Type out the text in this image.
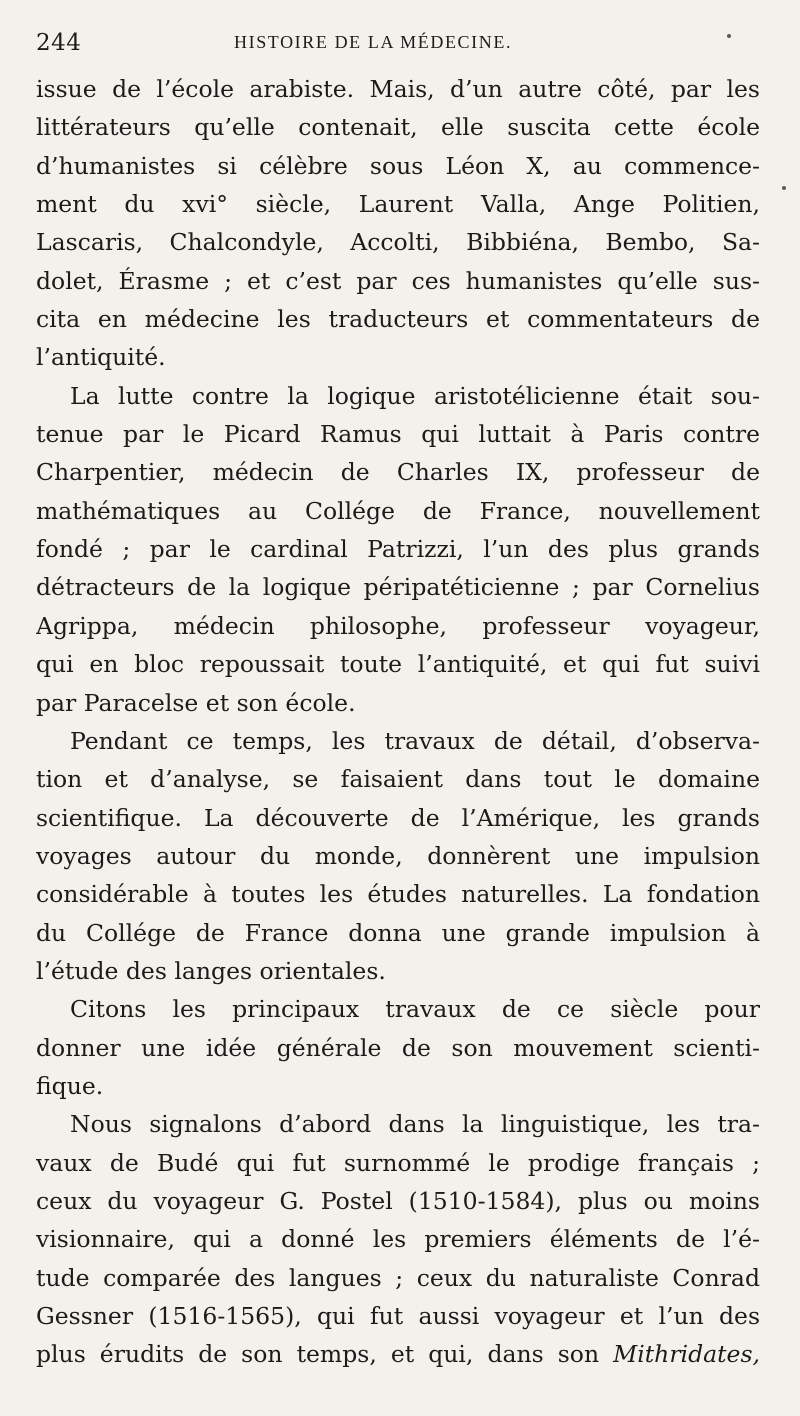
244	HISTOIRE DE LA MÉDECINE.
issue de l’école arabiste. Mais, d’un autre côté, par les
littérateurs qu’elle contenait, elle suscita cette école
d’humanistes si célèbre sous Léon X, au commence-
ment du xvi° siècle, Laurent Valla, Ange Politien,
Lascaris, Chalcondyle, Accolti, Bibbiéna, Bembo, Sa-
dolet, Érasme ; et c’est par ces humanistes qu’elle sus-
cita en médecine les traducteurs et commentateurs de
l’antiquité.
La lutte contre la logique aristotélicienne était sou-
tenue par le Picard Ramus qui luttait à Paris contre
Charpentier, médecin de Charles IX, professeur de
mathématiques au Collége de France, nouvellement
fondé ; par le cardinal Patrizzi, l’un des plus grands
détracteurs de la logique péripatéticienne ; par Cornelius
Agrippa, médecin philosophe, professeur voyageur,
qui en bloc repoussait toute l’antiquité, et qui fut suivi
par Paracelse et son école.
Pendant ce temps, les travaux de détail, d’observa-
tion et d’analyse, se faisaient dans tout le domaine
scientifique. La découverte de l’Amérique, les grands
voyages autour du monde, donnèrent une impulsion
considérable à toutes les études naturelles. La fondation
du Collége de France donna une grande impulsion à
l’étude des langes orientales.
Citons les principaux travaux de ce siècle pour
donner une idée générale de son mouvement scienti-
fique.
Nous signalons d’abord dans la linguistique, les tra-
vaux de Budé qui fut surnommé le prodige français ;
ceux du voyageur G. Postel (1510-1584), plus ou moins
visionnaire, qui a donné les premiers éléments de l’é-
tude comparée des langues ; ceux du naturaliste Conrad
Gessner (1516-1565), qui fut aussi voyageur et l’un des
plus érudits de son temps, et qui, dans son Mithridates,
